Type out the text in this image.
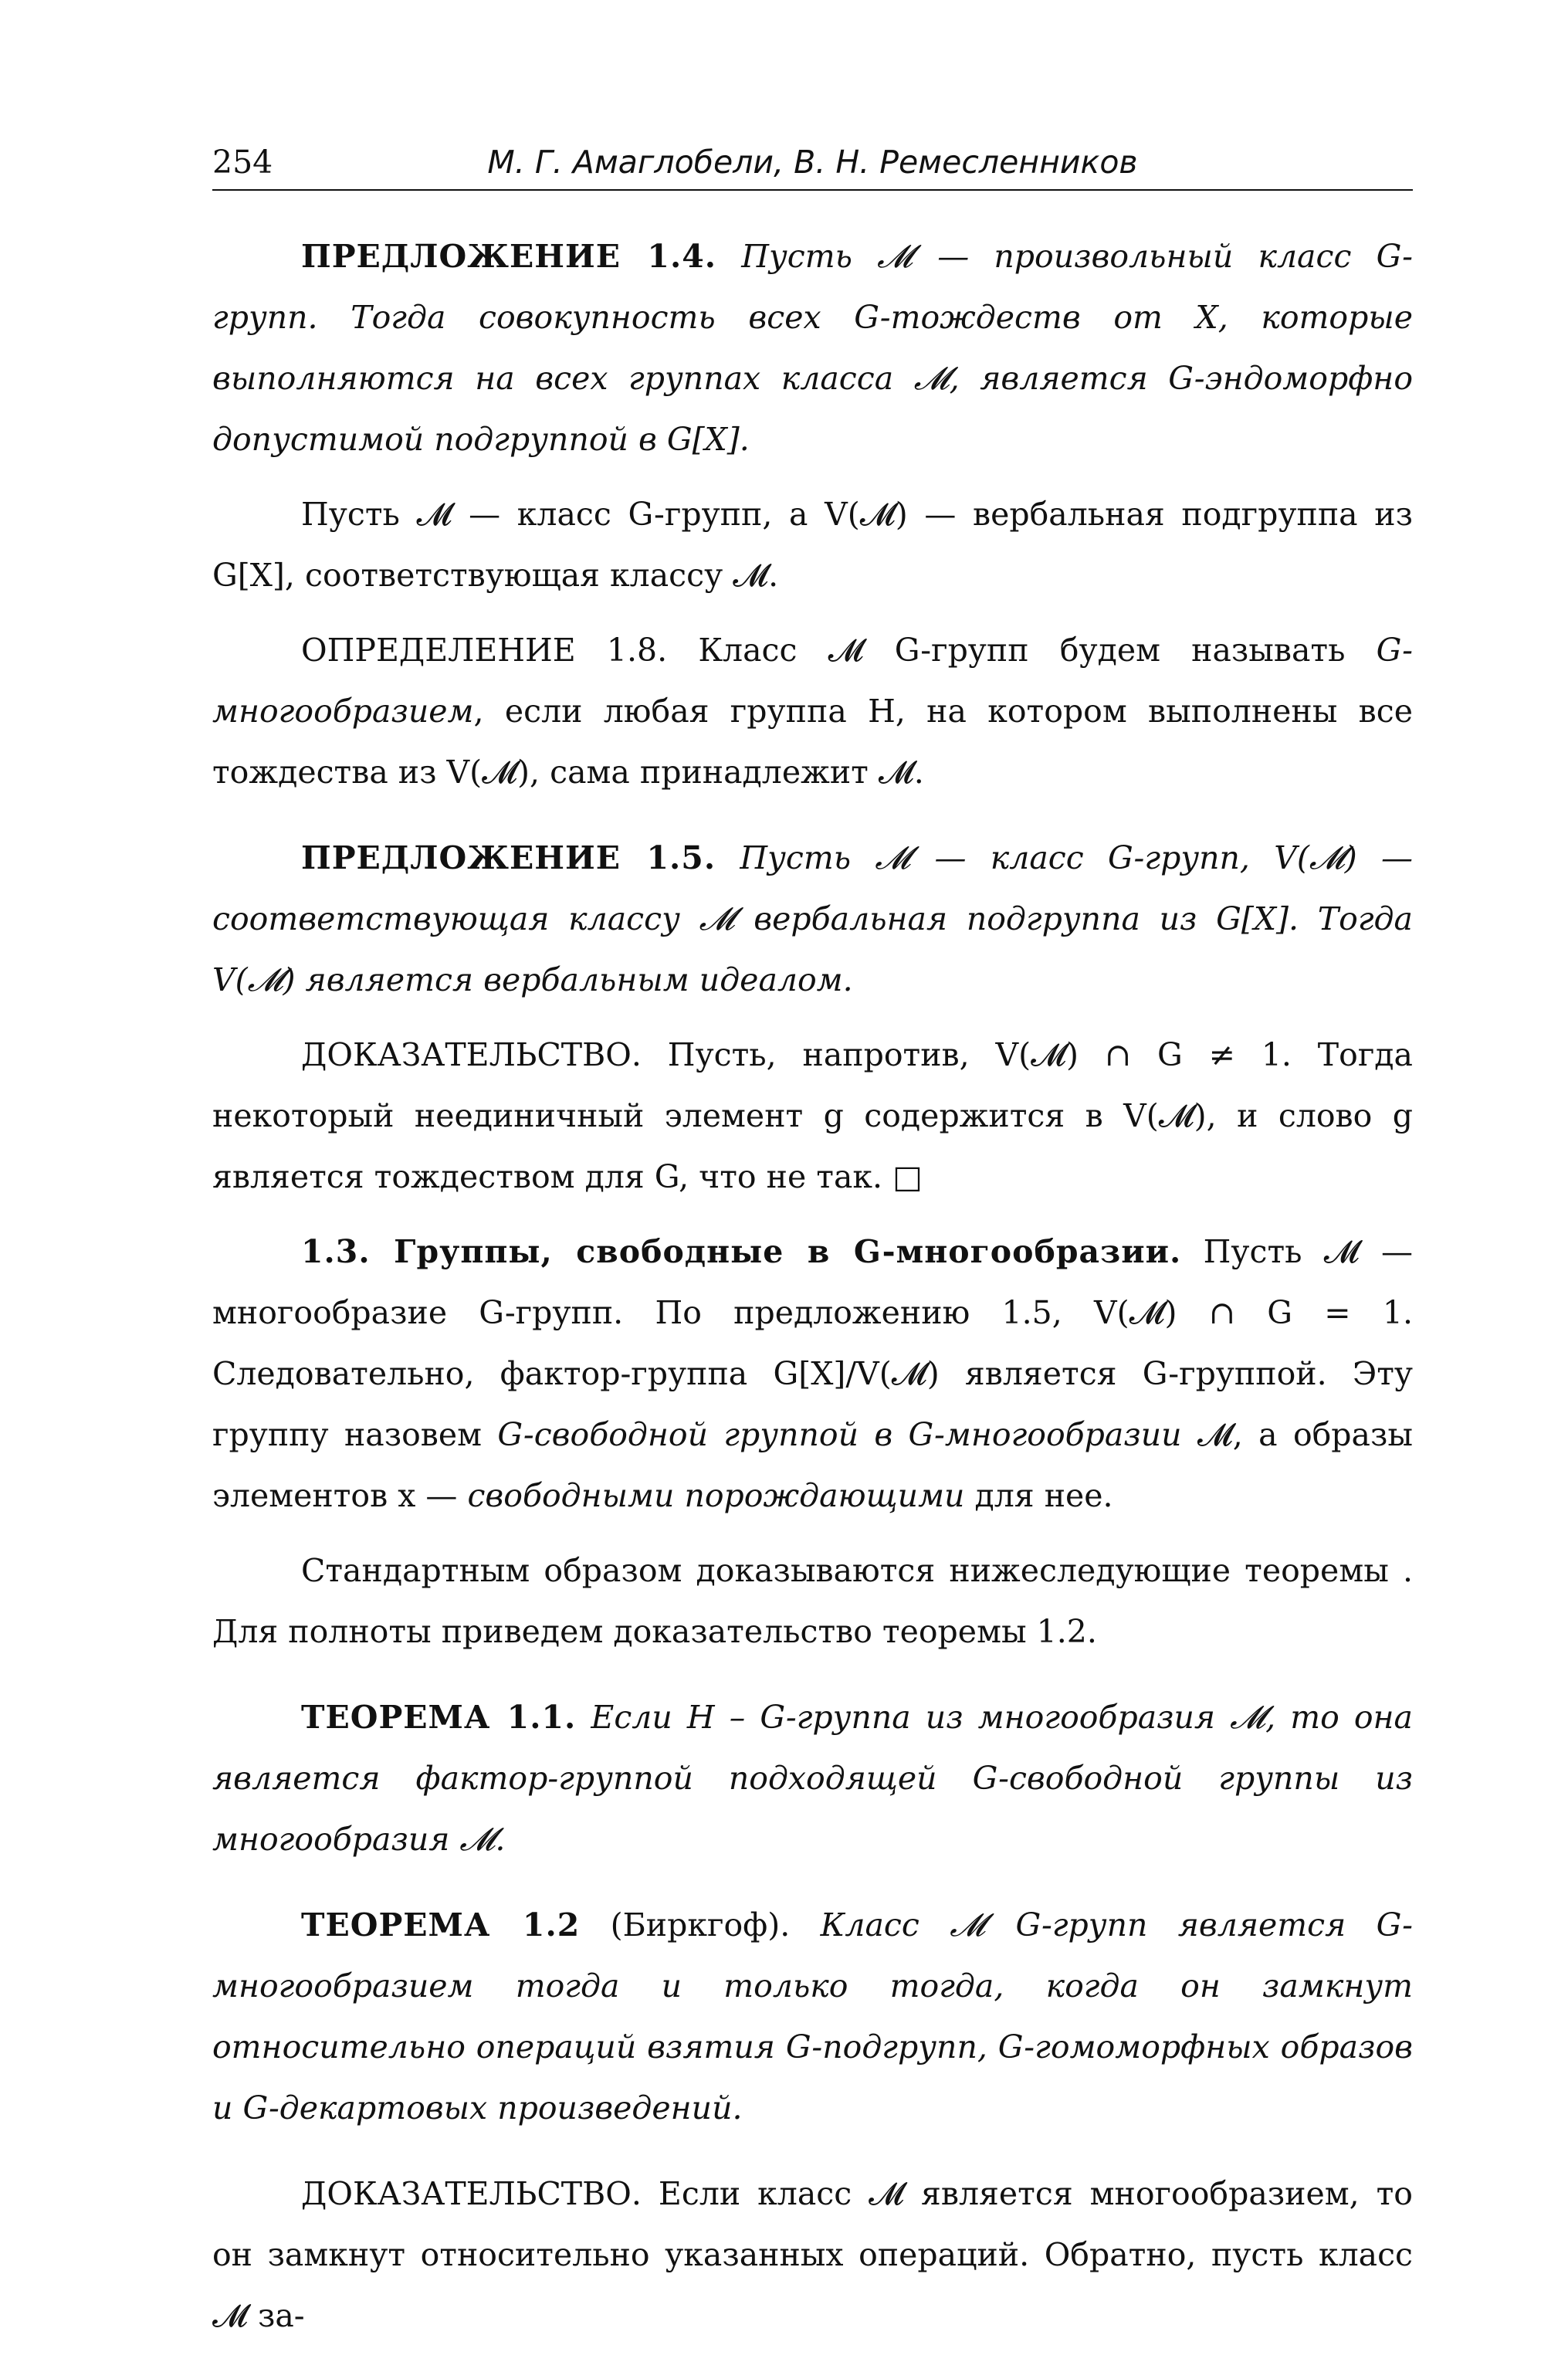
254	М. Г. Амаглобели, В. Н. Ремесленников

ПРЕДЛОЖЕНИЕ 1.4. Пусть 𝓜 — произвольный класс G-групп. Тогда совокупность всех G-тождеств от X, которые выполняются на всех группах класса 𝓜, является G-эндоморфно допустимой подгруппой в G[X].

Пусть 𝓜 — класс G-групп, а V(𝓜) — вербальная подгруппа из G[X], соответствующая классу 𝓜.

ОПРЕДЕЛЕНИЕ 1.8. Класс 𝓜 G-групп будем называть G-многообразием, если любая группа H, на котором выполнены все тождества из V(𝓜), сама принадлежит 𝓜.

ПРЕДЛОЖЕНИЕ 1.5. Пусть 𝓜 — класс G-групп, V(𝓜) — соответствующая классу 𝓜 вербальная подгруппа из G[X]. Тогда V(𝓜) является вербальным идеалом.

ДОКАЗАТЕЛЬСТВО. Пусть, напротив, V(𝓜) ∩ G ≠ 1. Тогда некоторый неединичный элемент g содержится в V(𝓜), и слово g является тождеством для G, что не так. □

1.3. Группы, свободные в G-многообразии. Пусть 𝓜 — многообразие G-групп. По предложению 1.5, V(𝓜) ∩ G = 1. Следовательно, фактор-группа G[X]/V(𝓜) является G-группой. Эту группу назовем G-свободной группой в G-многообразии 𝓜, а образы элементов x — свободными порождающими для нее.

Стандартным образом доказываются нижеследующие теоремы . Для полноты приведем доказательство теоремы 1.2.

ТЕОРЕМА 1.1. Если H – G-группа из многообразия 𝓜, то она является фактор-группой подходящей G-свободной группы из многообразия 𝓜.

ТЕОРЕМА 1.2 (Биркгоф). Класс 𝓜 G-групп является G-многообразием тогда и только тогда, когда он замкнут относительно операций взятия G-подгрупп, G-гомоморфных образов и G-декартовых произведений.

ДОКАЗАТЕЛЬСТВО. Если класс 𝓜 является многообразием, то он замкнут относительно указанных операций. Обратно, пусть класс 𝓜 за-
